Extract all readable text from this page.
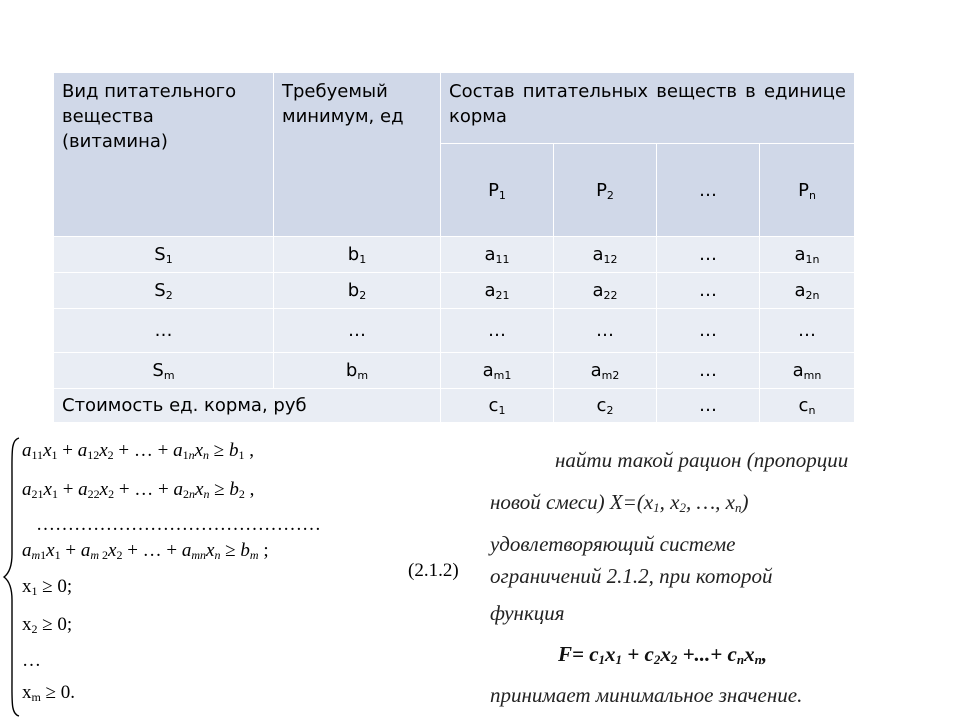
Вид питательного вещества (витамина)	Требуемый минимум, ед	Состав питательных веществ в единице корма			
		$P_1$	$P_2$	…	$P_n$
$S_1$	$b_1$	$a_{11}$	$a_{12}$	…	$a_{1n}$
$S_2$	$b_2$	$a_{21}$	$a_{22}$	…	$a_{2n}$
…	…	…	…	…	…
$S_m$	$b_m$	$a_{m1}$	$a_{m2}$	…	$a_{mn}$
Стоимость ед. корма, руб		$c_1$	$c_2$	…	$c_n$
$a_{11}x_1 + a_{12}x_2$ + … + $a_{1n}x_n \ge b_1$ ,
$a_{21}x_1 + a_{22}x_2$ + … + $a_{2n}x_n \ge b_2$ ,
………………………………………
$a_{m1}x_1 + a_{m 2}x_2$ + … + $a_{mn}x_n \ge b_m$ ;
$x_1 \ge 0$;
$x_2 \ge 0$;
…
$x_m \ge 0$.
(2.1.2)
найти такой рацион (пропорции
новой смеси) $X=(x_1$, $x_2$, …, $x_n$)
удовлетворяющий системе
ограничений 2.1.2, при которой
функция
$F= c_1x_1 + c_2x_2$ +...+ $c_nx_n$,
принимает минимальное значение.
